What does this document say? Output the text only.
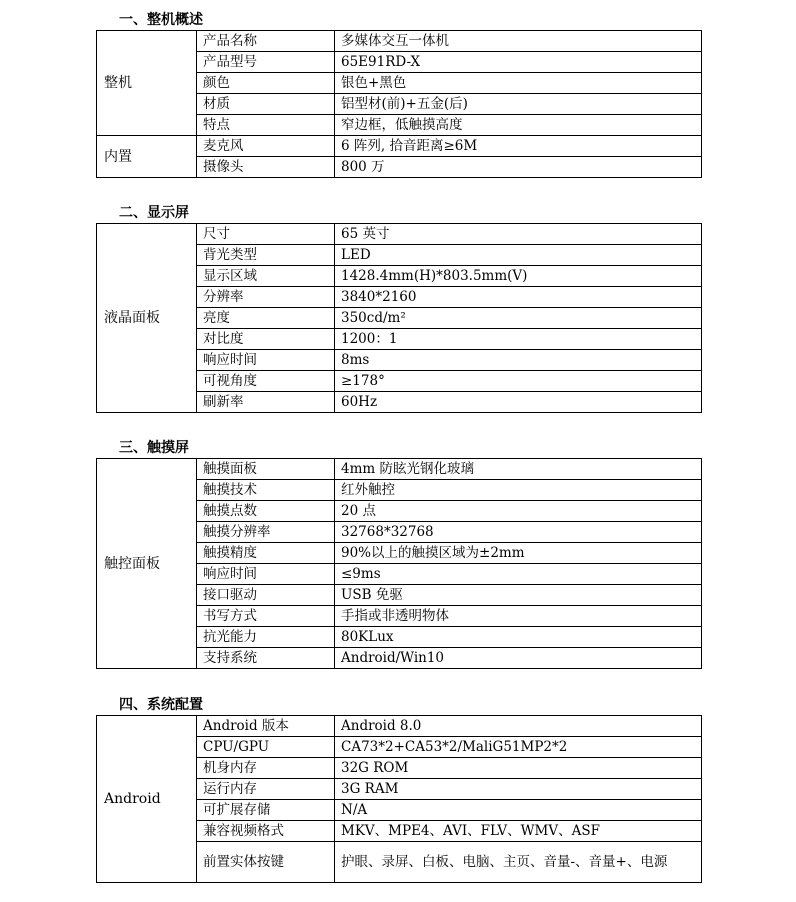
一、整机概述
整机	产品名称	多媒体交互一体机
	产品型号	65E91RD-X
	颜色	银色+黑色
	材质	铝型材(前)+五金(后)
	特点	窄边框，低触摸高度
内置	麦克风	6 阵列, 拾音距离≥6M
	摄像头	800 万
二、显示屏
液晶面板	尺寸	65 英寸
	背光类型	LED
	显示区域	1428.4mm(H)*803.5mm(V)
	分辨率	3840*2160
	亮度	350cd/m²
	对比度	1200：1
	响应时间	8ms
	可视角度	≥178°
	刷新率	60Hz
三、触摸屏
触控面板	触摸面板	4mm 防眩光钢化玻璃
	触摸技术	红外触控
	触摸点数	20 点
	触摸分辨率	32768*32768
	触摸精度	90%以上的触摸区域为±2mm
	响应时间	≤9ms
	接口驱动	USB 免驱
	书写方式	手指或非透明物体
	抗光能力	80KLux
	支持系统	Android/Win10
四、系统配置
Android	Android 版本	Android 8.0
	CPU/GPU	CA73*2+CA53*2/MaliG51MP2*2
	机身内存	32G ROM
	运行内存	3G RAM
	可扩展存储	N/A
	兼容视频格式	MKV、MPE4、AVI、FLV、WMV、ASF
	前置实体按键	护眼、录屏、白板、电脑、主页、音量-、音量+、电源
